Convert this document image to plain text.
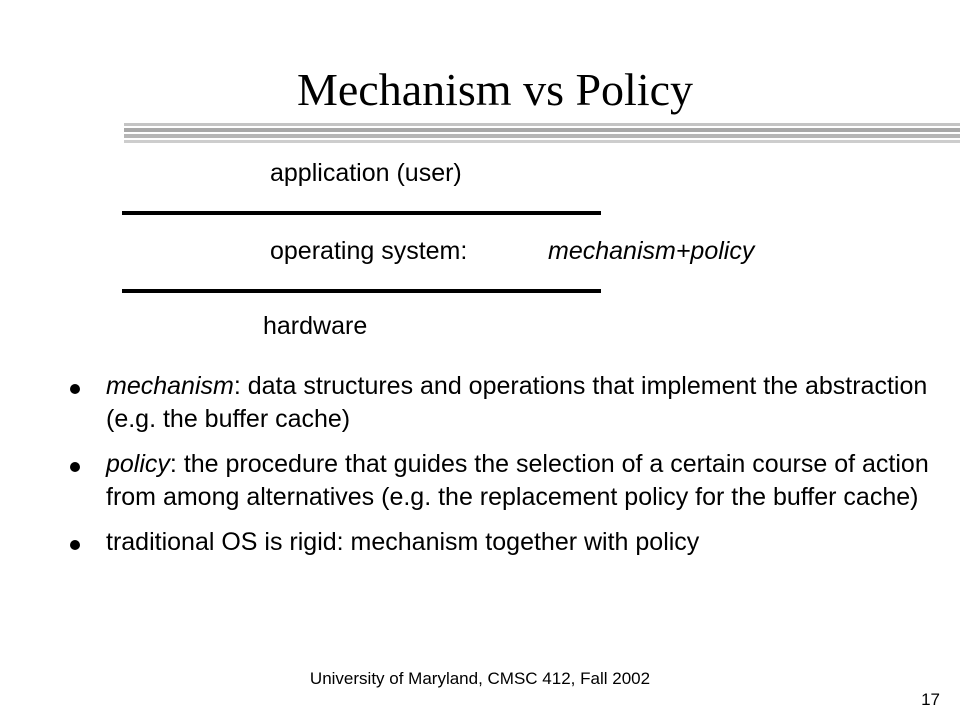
Mechanism vs Policy
application (user)
operating system:	mechanism+policy
hardware
mechanism: data structures and operations that implement the abstraction (e.g. the buffer cache)
policy: the procedure that guides the selection of a certain course of action from among alternatives (e.g. the replacement policy for the buffer cache)
traditional OS is rigid: mechanism together with policy
University of Maryland, CMSC 412, Fall 2002
17
